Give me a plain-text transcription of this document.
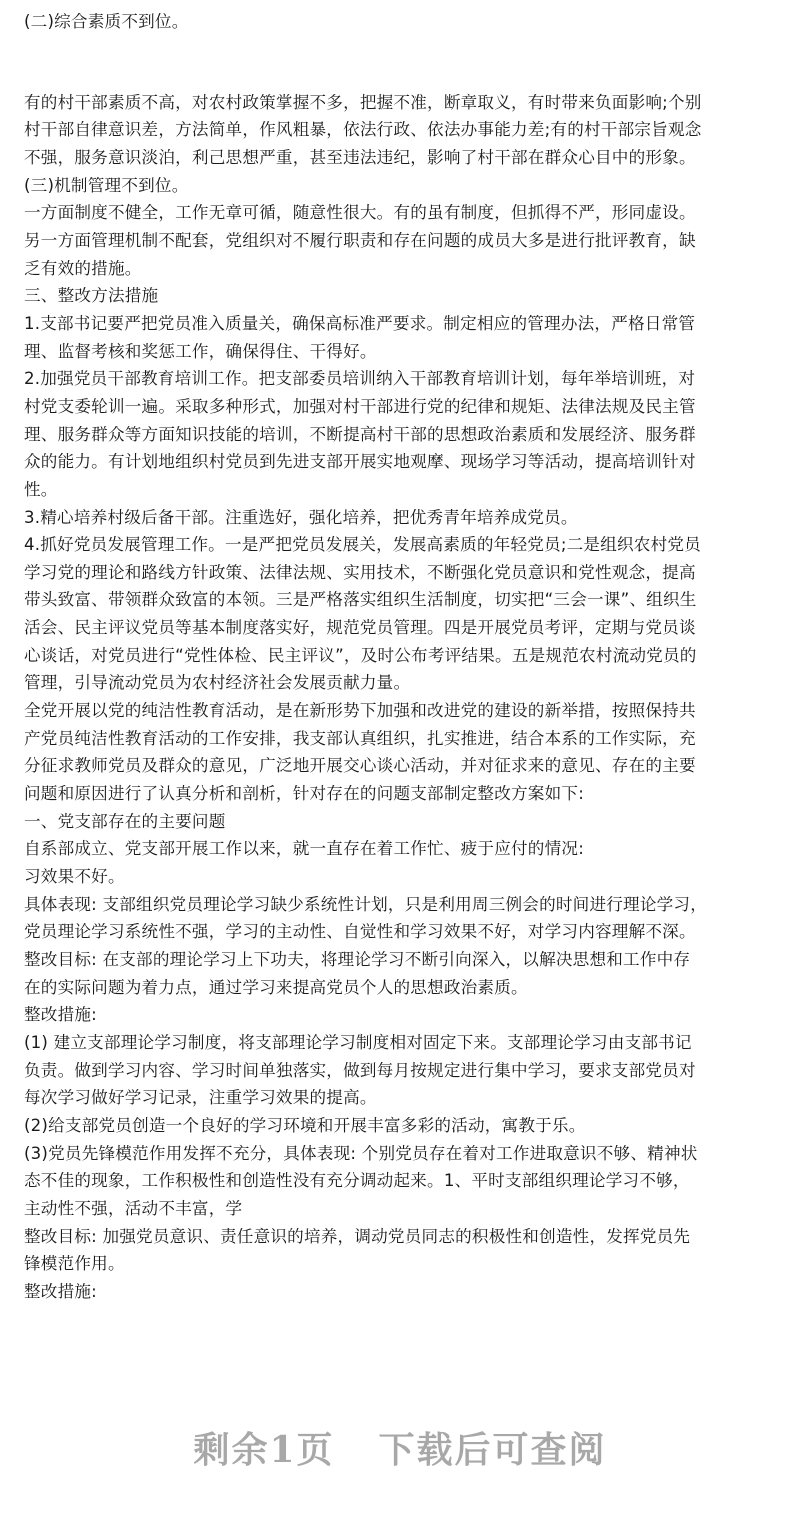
(二)综合素质不到位。
有的村干部素质不高，对农村政策掌握不多，把握不准，断章取义，有时带来负面影响;个别
村干部自律意识差，方法简单，作风粗暴，依法行政、依法办事能力差;有的村干部宗旨观念
不强，服务意识淡泊，利己思想严重，甚至违法违纪，影响了村干部在群众心目中的形象。
(三)机制管理不到位。
一方面制度不健全，工作无章可循，随意性很大。有的虽有制度，但抓得不严，形同虚设。
另一方面管理机制不配套，党组织对不履行职责和存在问题的成员大多是进行批评教育，缺
乏有效的措施。
三、整改方法措施
1.支部书记要严把党员准入质量关，确保高标准严要求。制定相应的管理办法，严格日常管
理、监督考核和奖惩工作，确保得住、干得好。
2.加强党员干部教育培训工作。把支部委员培训纳入干部教育培训计划，每年举培训班，对
村党支委轮训一遍。采取多种形式，加强对村干部进行党的纪律和规矩、法律法规及民主管
理、服务群众等方面知识技能的培训，不断提高村干部的思想政治素质和发展经济、服务群
众的能力。有计划地组织村党员到先进支部开展实地观摩、现场学习等活动，提高培训针对
性。
3.精心培养村级后备干部。注重选好，强化培养，把优秀青年培养成党员。
4.抓好党员发展管理工作。一是严把党员发展关，发展高素质的年轻党员;二是组织农村党员
学习党的理论和路线方针政策、法律法规、实用技术，不断强化党员意识和党性观念，提高
带头致富、带领群众致富的本领。三是严格落实组织生活制度，切实把“三会一课”、组织生
活会、民主评议党员等基本制度落实好，规范党员管理。四是开展党员考评，定期与党员谈
心谈话，对党员进行“党性体检、民主评议”，及时公布考评结果。五是规范农村流动党员的
管理，引导流动党员为农村经济社会发展贡献力量。
全党开展以党的纯洁性教育活动，是在新形势下加强和改进党的建设的新举措，按照保持共
产党员纯洁性教育活动的工作安排，我支部认真组织，扎实推进，结合本系的工作实际，充
分征求教师党员及群众的意见，广泛地开展交心谈心活动，并对征求来的意见、存在的主要
问题和原因进行了认真分析和剖析，针对存在的问题支部制定整改方案如下:
一、党支部存在的主要问题
自系部成立、党支部开展工作以来，就一直存在着工作忙、疲于应付的情况:
习效果不好。
具体表现: 支部组织党员理论学习缺少系统性计划，只是利用周三例会的时间进行理论学习，
党员理论学习系统性不强，学习的主动性、自觉性和学习效果不好，对学习内容理解不深。
整改目标: 在支部的理论学习上下功夫，将理论学习不断引向深入，以解决思想和工作中存
在的实际问题为着力点，通过学习来提高党员个人的思想政治素质。
整改措施:
(1) 建立支部理论学习制度，将支部理论学习制度相对固定下来。支部理论学习由支部书记
负责。做到学习内容、学习时间单独落实，做到每月按规定进行集中学习，要求支部党员对
每次学习做好学习记录，注重学习效果的提高。
(2)给支部党员创造一个良好的学习环境和开展丰富多彩的活动，寓教于乐。
(3)党员先锋模范作用发挥不充分，具体表现: 个别党员存在着对工作进取意识不够、精神状
态不佳的现象，工作积极性和创造性没有充分调动起来。1、平时支部组织理论学习不够，
主动性不强，活动不丰富，学
整改目标: 加强党员意识、责任意识的培养，调动党员同志的积极性和创造性，发挥党员先
锋模范作用。
整改措施:
剩余1页 下载后可查阅
